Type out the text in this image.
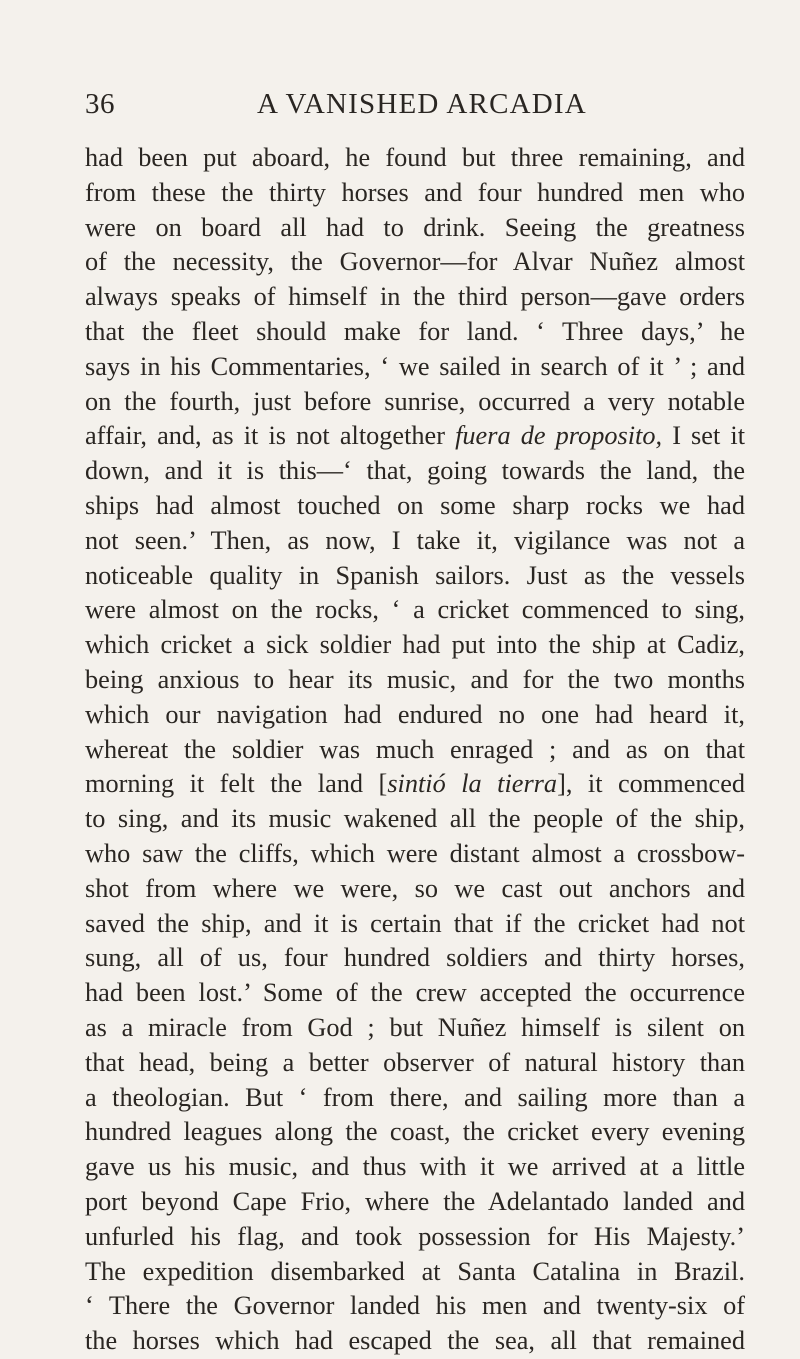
36	A VANISHED ARCADIA
had been put aboard, he found but three remaining, and
from these the thirty horses and four hundred men who
were on board all had to drink. Seeing the greatness
of the necessity, the Governor—for Alvar Nuñez almost
always speaks of himself in the third person—gave orders
that the fleet should make for land. ‘ Three days,’ he
says in his Commentaries, ‘ we sailed in search of it ’ ; and
on the fourth, just before sunrise, occurred a very notable
affair, and, as it is not altogether fuera de proposito, I set it
down, and it is this—‘ that, going towards the land, the
ships had almost touched on some sharp rocks we had
not seen.’ Then, as now, I take it, vigilance was not a
noticeable quality in Spanish sailors. Just as the vessels
were almost on the rocks, ‘ a cricket commenced to sing,
which cricket a sick soldier had put into the ship at Cadiz,
being anxious to hear its music, and for the two months
which our navigation had endured no one had heard it,
whereat the soldier was much enraged ; and as on that
morning it felt the land [sintió la tierra], it commenced
to sing, and its music wakened all the people of the ship,
who saw the cliffs, which were distant almost a crossbow-
shot from where we were, so we cast out anchors and
saved the ship, and it is certain that if the cricket had not
sung, all of us, four hundred soldiers and thirty horses,
had been lost.’ Some of the crew accepted the occurrence
as a miracle from God ; but Nuñez himself is silent on
that head, being a better observer of natural history than
a theologian. But ‘ from there, and sailing more than a
hundred leagues along the coast, the cricket every evening
gave us his music, and thus with it we arrived at a little
port beyond Cape Frio, where the Adelantado landed and
unfurled his flag, and took possession for His Majesty.’
The expedition disembarked at Santa Catalina in Brazil.
‘ There the Governor landed his men and twenty-six of
the horses which had escaped the sea, all that remained
